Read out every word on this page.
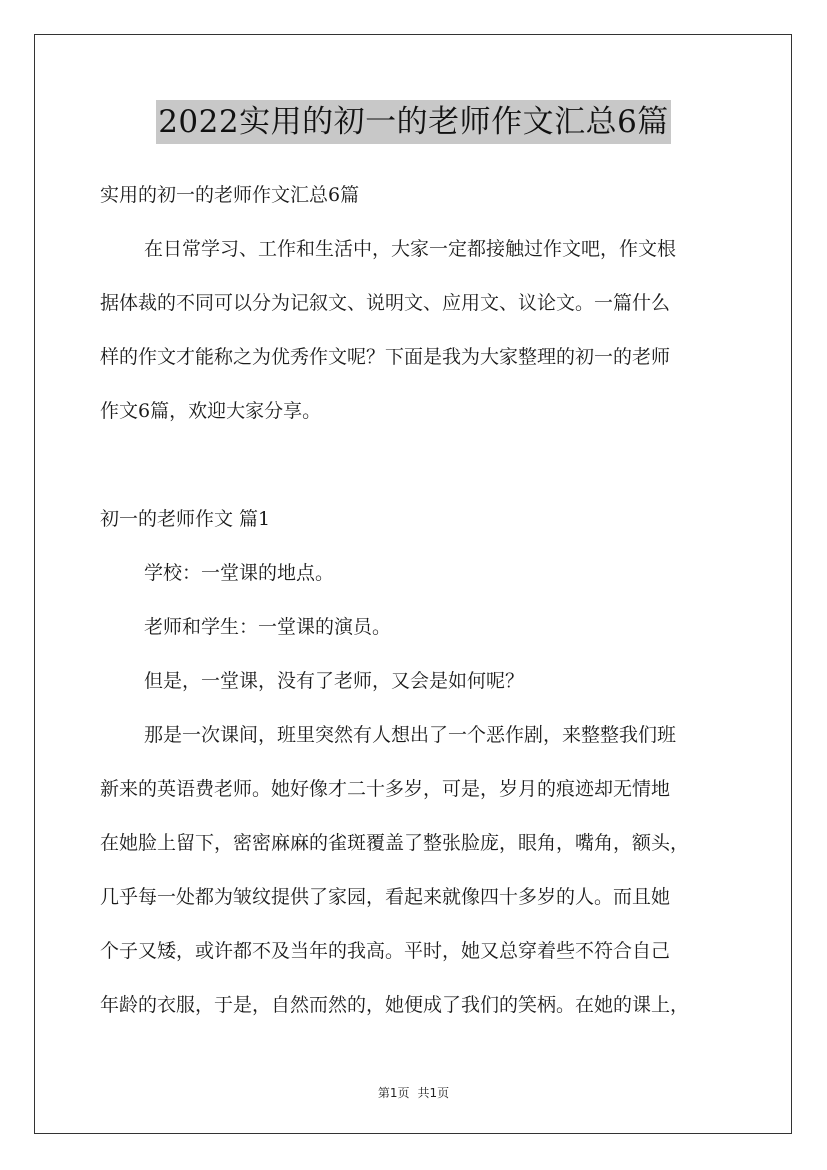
2022实用的初一的老师作文汇总6篇
实用的初一的老师作文汇总6篇
在日常学习、工作和生活中，大家一定都接触过作文吧，作文根
据体裁的不同可以分为记叙文、说明文、应用文、议论文。一篇什么
样的作文才能称之为优秀作文呢？下面是我为大家整理的初一的老师
作文6篇，欢迎大家分享。
初一的老师作文 篇1
学校：一堂课的地点。
老师和学生：一堂课的演员。
但是，一堂课，没有了老师，又会是如何呢？
那是一次课间，班里突然有人想出了一个恶作剧，来整整我们班
新来的英语费老师。她好像才二十多岁，可是，岁月的痕迹却无情地
在她脸上留下，密密麻麻的雀斑覆盖了整张脸庞，眼角，嘴角，额头，
几乎每一处都为皱纹提供了家园，看起来就像四十多岁的人。而且她
个子又矮，或许都不及当年的我高。平时，她又总穿着些不符合自己
年龄的衣服，于是，自然而然的，她便成了我们的笑柄。在她的课上，
第1页 共1页
